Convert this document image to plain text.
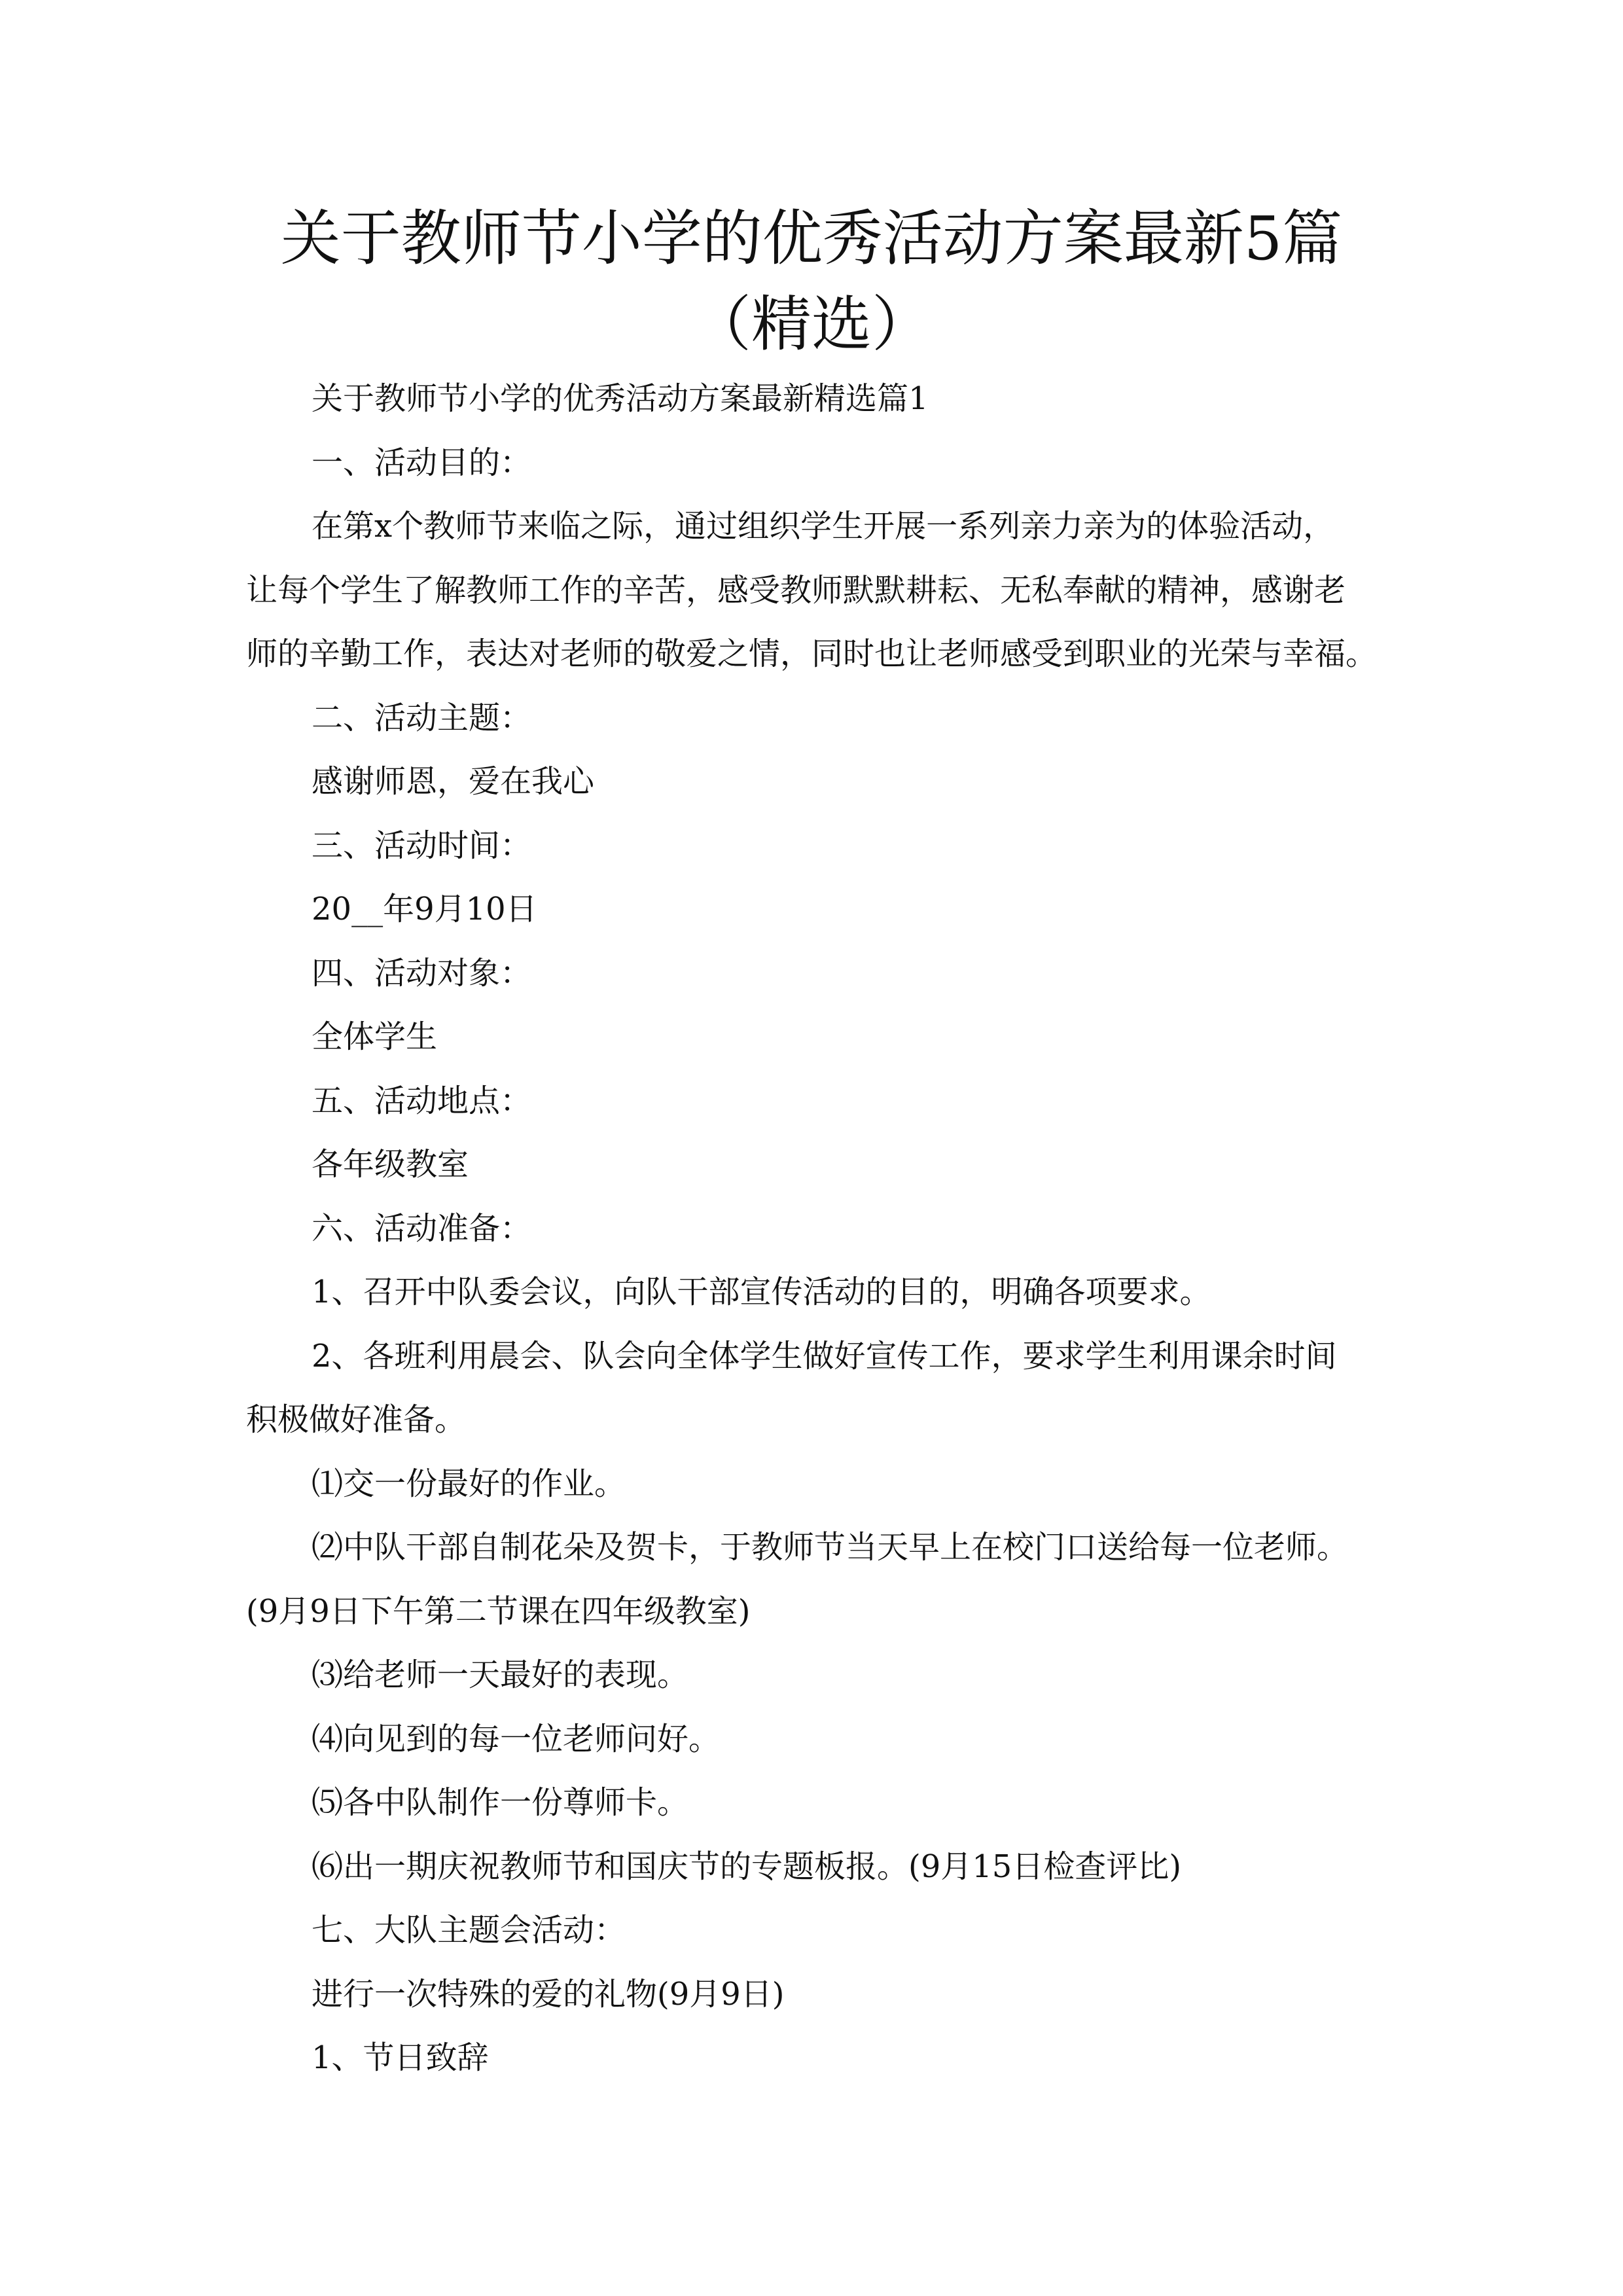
关于教师节小学的优秀活动方案最新5篇
（精选）
关于教师节小学的优秀活动方案最新精选篇1
一、活动目的：
在第x个教师节来临之际，通过组织学生开展一系列亲力亲为的体验活动，
让每个学生了解教师工作的辛苦，感受教师默默耕耘、无私奉献的精神，感谢老
师的辛勤工作，表达对老师的敬爱之情，同时也让老师感受到职业的光荣与幸福。
二、活动主题：
感谢师恩，爱在我心
三、活动时间：
20__年9月10日
四、活动对象：
全体学生
五、活动地点：
各年级教室
六、活动准备：
1、召开中队委会议，向队干部宣传活动的目的，明确各项要求。
2、各班利用晨会、队会向全体学生做好宣传工作，要求学生利用课余时间
积极做好准备。
⑴交一份最好的作业。
⑵中队干部自制花朵及贺卡，于教师节当天早上在校门口送给每一位老师。
(9月9日下午第二节课在四年级教室)
⑶给老师一天最好的表现。
⑷向见到的每一位老师问好。
⑸各中队制作一份尊师卡。
⑹出一期庆祝教师节和国庆节的专题板报。(9月15日检查评比)
七、大队主题会活动：
进行一次特殊的爱的礼物(9月9日)
1、节日致辞
